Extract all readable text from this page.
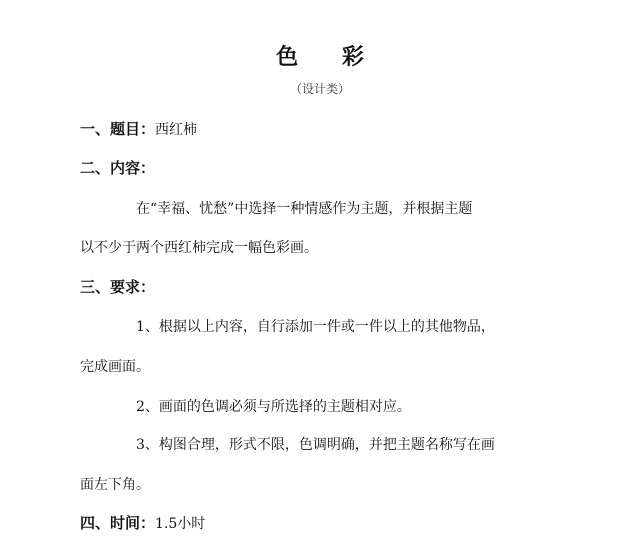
色 彩
（设计类）
一、题目：西红柿
二、内容：
在“幸福、忧愁”中选择一种情感作为主题，并根据主题
以不少于两个西红柿完成一幅色彩画。
三、要求：
1、根据以上内容，自行添加一件或一件以上的其他物品，
完成画面。
2、画面的色调必须与所选择的主题相对应。
3、构图合理，形式不限，色调明确，并把主题名称写在画
面左下角。
四、时间：1.5小时
